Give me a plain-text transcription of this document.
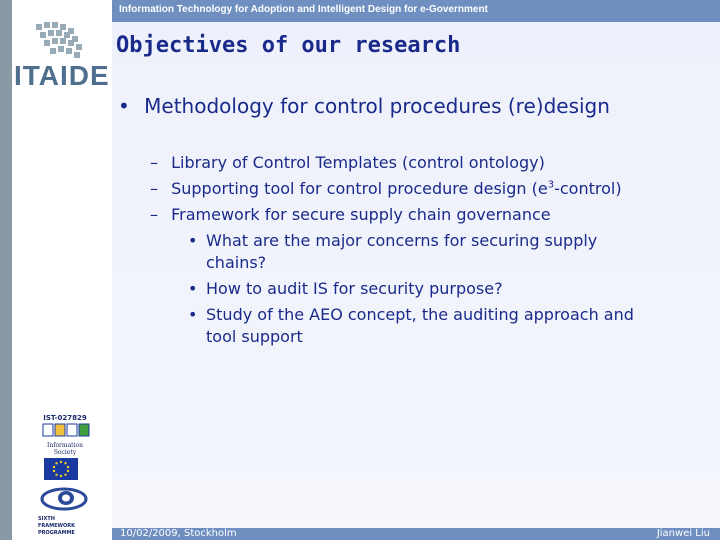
Information Technology for Adoption and Intelligent Design for e-Government
ITAIDE
Objectives of our research
• Methodology for control procedures (re)design
– Library of Control Templates (control ontology)
– Supporting tool for control procedure design $(e^3-control)$
– Framework for secure supply chain governance
• What are the major concerns for securing supply
chains?
• How to audit IS for security purpose?
• Study of the AEO concept, the auditing approach and
tool support
IST-027829
Information Society
SIXTH FRAMEWORK
PROGRAMME	10/02/2009, Stockholm	Jianwei Liu
